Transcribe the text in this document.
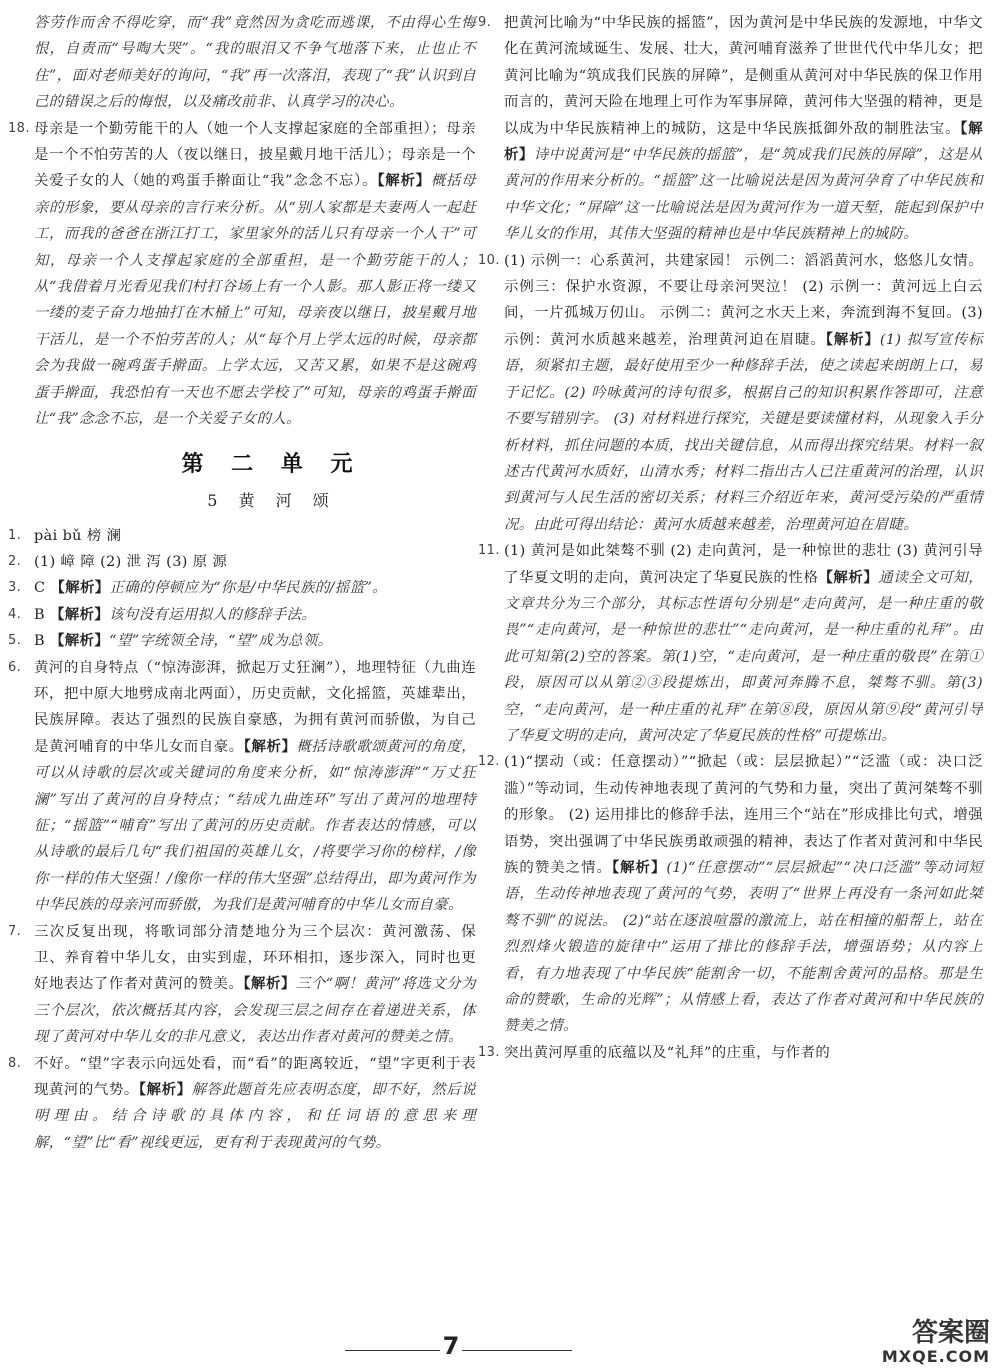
答劳作而舍不得吃穿，而“我”竟然因为贪吃而逃课，不由得心生悔恨，自责而“号啕大哭”。“我的眼泪又不争气地落下来，止也止不住”，面对老师美好的询问，“我”再一次落泪，表现了“我”认识到自己的错误之后的悔恨，以及痛改前非、认真学习的决心。
18. 母亲是一个勤劳能干的人（她一个人支撑起家庭的全部重担）；母亲是一个不怕劳苦的人（夜以继日，披星戴月地干活儿）；母亲是一个关爱子女的人（她的鸡蛋手擀面让“我”念念不忘）。【解析】概括母亲的形象，要从母亲的言行来分析。从“别人家都是夫妻两人一起赶工，而我的爸爸在浙江打工，家里家外的活儿只有母亲一个人干”可知，母亲一个人支撑起家庭的全部重担，是一个勤劳能干的人；从“我借着月光看见我们村打谷场上有一个人影。那人影正将一缕又一缕的麦子奋力地抽打在木桶上”可知，母亲夜以继日，披星戴月地干活儿，是一个不怕劳苦的人；从“每个月上学太远的时候，母亲都会为我做一碗鸡蛋手擀面。上学太远，又苦又累，如果不是这碗鸡蛋手擀面，我恐怕有一天也不愿去学校了”可知，母亲的鸡蛋手擀面让“我”念念不忘，是一个关爱子女的人。
第 二 单 元
5 黄 河 颂
1. pài bǔ 榜 澜
2. (1) 嶂 障 (2) 泄 泻 (3) 原 源
3. C 【解析】正确的停顿应为“你是/中华民族的/摇篮”。
4. B 【解析】该句没有运用拟人的修辞手法。
5. B 【解析】“望”字统领全诗，“望”成为总领。
6. 黄河的自身特点（“惊涛澎湃，掀起万丈狂澜”），地理特征（九曲连环，把中原大地劈成南北两面），历史贡献，文化摇篮，英雄辈出，民族屏障。表达了强烈的民族自豪感，为拥有黄河而骄傲，为自己是黄河哺育的中华儿女而自豪。【解析】概括诗歌歌颂黄河的角度，可以从诗歌的层次或关键词的角度来分析，如“惊涛澎湃”“万丈狂澜”写出了黄河的自身特点；“结成九曲连环”写出了黄河的地理特征；“摇篮”“哺育”写出了黄河的历史贡献。作者表达的情感，可以从诗歌的最后几句“我们祖国的英雄儿女，/将要学习你的榜样，/像你一样的伟大坚强！/像你一样的伟大坚强”总结得出，即为黄河作为中华民族的母亲河而骄傲，为我们是黄河哺育的中华儿女而自豪。
7. 三次反复出现，将歌词部分清楚地分为三个层次：黄河激荡、保卫、养育着中华儿女，由实到虚，环环相扣，逐步深入，同时也更好地表达了作者对黄河的赞美。【解析】三个“啊！黄河”将选文分为三个层次，依次概括其内容，会发现三层之间存在着递进关系，体现了黄河对中华儿女的非凡意义，表达出作者对黄河的赞美之情。
8. 不好。“望”字表示向远处看，而“看”的距离较近，“望”字更利于表现黄河的气势。【解析】解答此题首先应表明态度，即不好，然后说明理由。结合诗歌的具体内容，和任词语的意思来理解，“望”比“看”视线更远，更有利于表现黄河的气势。
9. 把黄河比喻为“中华民族的摇篮”，因为黄河是中华民族的发源地，中华文化在黄河流域诞生、发展、壮大，黄河哺育滋养了世世代代中华儿女；把黄河比喻为“筑成我们民族的屏障”，是侧重从黄河对中华民族的保卫作用而言的，黄河天险在地理上可作为军事屏障，黄河伟大坚强的精神，更是以成为中华民族精神上的城防，这是中华民族抵御外敌的制胜法宝。【解析】诗中说黄河是“中华民族的摇篮”，是“筑成我们民族的屏障”，这是从黄河的作用来分析的。“摇篮”这一比喻说法是因为黄河孕育了中华民族和中华文化；“屏障”这一比喻说法是因为黄河作为一道天堑，能起到保护中华儿女的作用，其伟大坚强的精神也是中华民族精神上的城防。
10. (1) 示例一：心系黄河，共建家园！ 示例二：滔滔黄河水，悠悠儿女情。 示例三：保护水资源，不要让母亲河哭泣！ (2) 示例一：黄河远上白云间，一片孤城万仞山。 示例二：黄河之水天上来，奔流到海不复回。(3) 示例：黄河水质越来越差，治理黄河迫在眉睫。【解析】(1) 拟写宣传标语，须紧扣主题，最好使用至少一种修辞手法，使之读起来朗朗上口，易于记忆。(2) 吟咏黄河的诗句很多，根据自己的知识积累作答即可，注意不要写错别字。 (3) 对材料进行探究，关键是要读懂材料，从现象入手分析材料，抓住问题的本质，找出关键信息，从而得出探究结果。材料一叙述古代黄河水质好，山清水秀；材料二指出古人已注重黄河的治理，认识到黄河与人民生活的密切关系；材料三介绍近年来，黄河受污染的严重情况。由此可得出结论：黄河水质越来越差，治理黄河迫在眉睫。
11. (1) 黄河是如此桀骜不驯 (2) 走向黄河，是一种惊世的悲壮 (3) 黄河引导了华夏文明的走向，黄河决定了华夏民族的性格【解析】通读全文可知，文章共分为三个部分，其标志性语句分别是“走向黄河，是一种庄重的敬畏”“走向黄河，是一种惊世的悲壮”“走向黄河，是一种庄重的礼拜”。由此可知第(2)空的答案。第(1)空，“走向黄河，是一种庄重的敬畏”在第①段，原因可以从第②③段提炼出，即黄河奔腾不息，桀骜不驯。第(3)空，“走向黄河，是一种庄重的礼拜”在第⑧段，原因从第⑨段“黄河引导了华夏文明的走向，黄河决定了华夏民族的性格”可提炼出。
12. (1)“摆动（或：任意摆动）”“掀起（或：层层掀起）”“泛滥（或：决口泛滥）”等动词，生动传神地表现了黄河的气势和力量，突出了黄河桀骜不驯的形象。 (2) 运用排比的修辞手法，连用三个“站在”形成排比句式，增强语势，突出强调了中华民族勇敢顽强的精神，表达了作者对黄河和中华民族的赞美之情。【解析】(1)“任意摆动”“层层掀起”“决口泛滥”等动词短语，生动传神地表现了黄河的气势，表明了“世界上再没有一条河如此桀骜不驯”的说法。 (2)“站在逐浪喧嚣的激流上，站在相撞的船帮上，站在烈烈烽火锻造的旋律中”运用了排比的修辞手法，增强语势；从内容上看，有力地表现了中华民族“能割舍一切，不能割舍黄河的品格。那是生命的赞歌，生命的光辉”；从情感上看，表达了作者对黄河和中华民族的赞美之情。
13. 突出黄河厚重的底蕴以及“礼拜”的庄重，与作者的
7	答案圈
MXQE.COM
